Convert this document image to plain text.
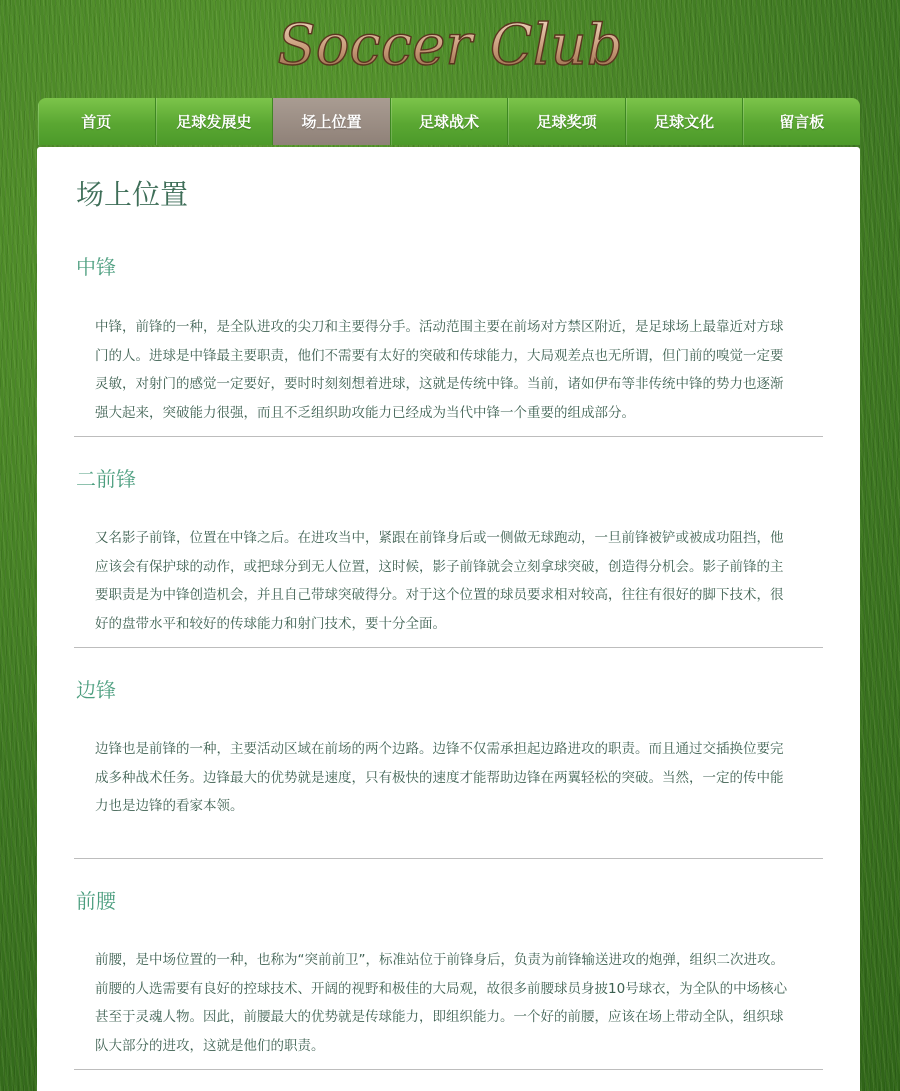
Soccer Club
首页	足球发展史	场上位置	足球战术	足球奖项	足球文化	留言板
场上位置
中锋

中锋，前锋的一种，是全队进攻的尖刀和主要得分手。活动范围主要在前场对方禁区附近，是足球场上最靠近对方球门的人。进球是中锋最主要职责，他们不需要有太好的突破和传球能力，大局观差点也无所谓，但门前的嗅觉一定要灵敏，对射门的感觉一定要好，要时时刻刻想着进球，这就是传统中锋。当前，诸如伊布等非传统中锋的势力也逐渐强大起来，突破能力很强，而且不乏组织助攻能力已经成为当代中锋一个重要的组成部分。

二前锋

又名影子前锋，位置在中锋之后。在进攻当中，紧跟在前锋身后或一侧做无球跑动，一旦前锋被铲或被成功阻挡，他应该会有保护球的动作，或把球分到无人位置，这时候，影子前锋就会立刻拿球突破，创造得分机会。影子前锋的主要职责是为中锋创造机会，并且自己带球突破得分。对于这个位置的球员要求相对较高，往往有很好的脚下技术，很好的盘带水平和较好的传球能力和射门技术，要十分全面。

边锋

边锋也是前锋的一种，主要活动区域在前场的两个边路。边锋不仅需承担起边路进攻的职责。而且通过交插换位要完成多种战术任务。边锋最大的优势就是速度，只有极快的速度才能帮助边锋在两翼轻松的突破。当然，一定的传中能力也是边锋的看家本领。

前腰

前腰，是中场位置的一种，也称为“突前前卫”，标准站位于前锋身后，负责为前锋输送进攻的炮弹，组织二次进攻。前腰的人选需要有良好的控球技术、开阔的视野和极佳的大局观，故很多前腰球员身披10号球衣，为全队的中场核心甚至于灵魂人物。因此，前腰最大的优势就是传球能力，即组织能力。一个好的前腰，应该在场上带动全队，组织球队大部分的进攻，这就是他们的职责。
